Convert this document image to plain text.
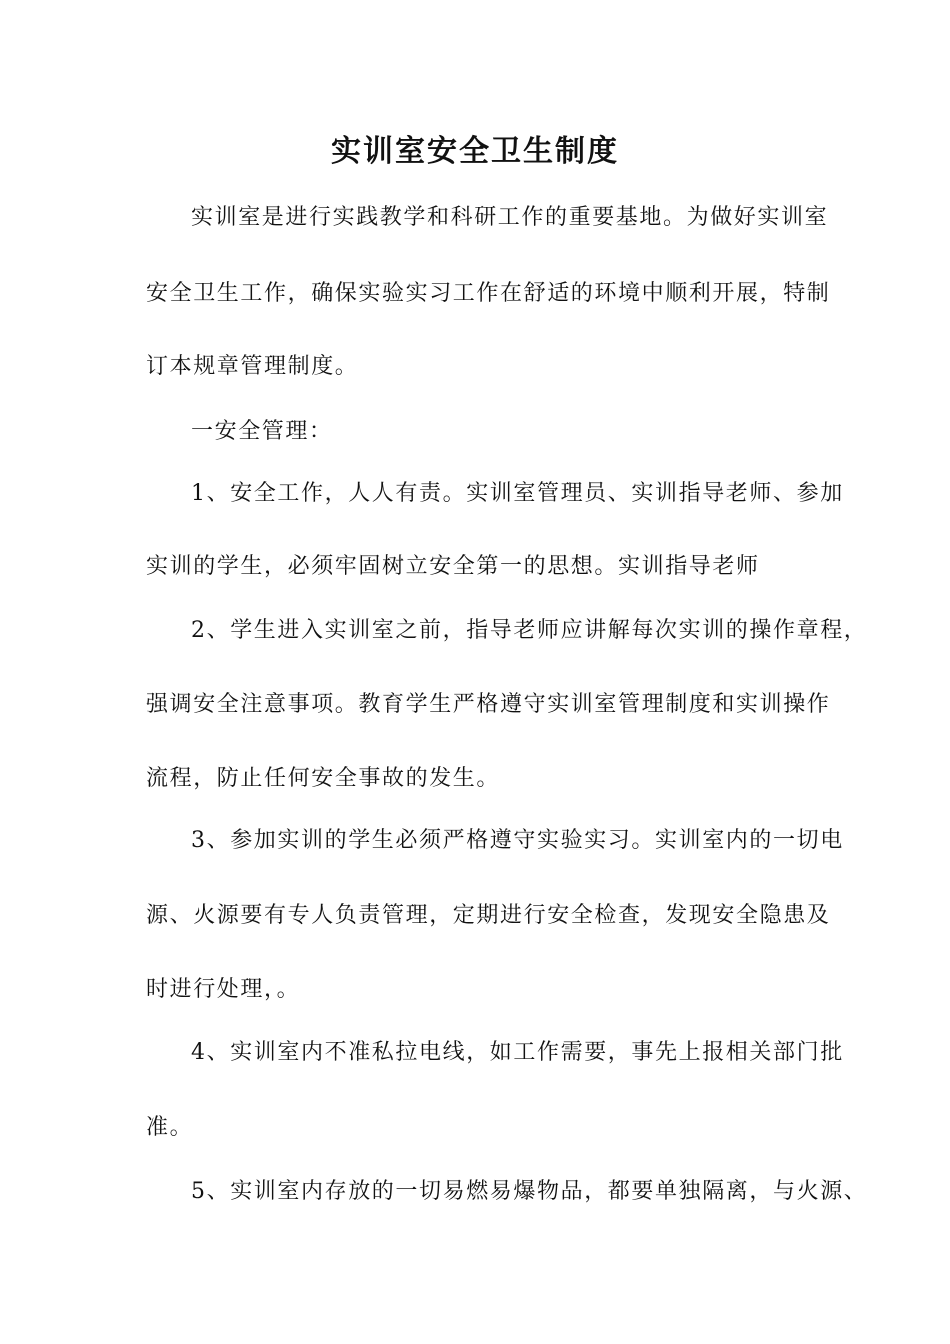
实训室安全卫生制度
实训室是进行实践教学和科研工作的重要基地。为做好实训室
安全卫生工作，确保实验实习工作在舒适的环境中顺利开展，特制
订本规章管理制度。
一安全管理：
1、安全工作，人人有责。实训室管理员、实训指导老师、参加
实训的学生，必须牢固树立安全第一的思想。实训指导老师
2、学生进入实训室之前，指导老师应讲解每次实训的操作章程，
强调安全注意事项。教育学生严格遵守实训室管理制度和实训操作
流程，防止任何安全事故的发生。
3、参加实训的学生必须严格遵守实验实习。实训室内的一切电
源、火源要有专人负责管理，定期进行安全检查，发现安全隐患及
时进行处理，。
4、实训室内不准私拉电线，如工作需要，事先上报相关部门批
准。
5、实训室内存放的一切易燃易爆物品，都要单独隔离，与火源、
